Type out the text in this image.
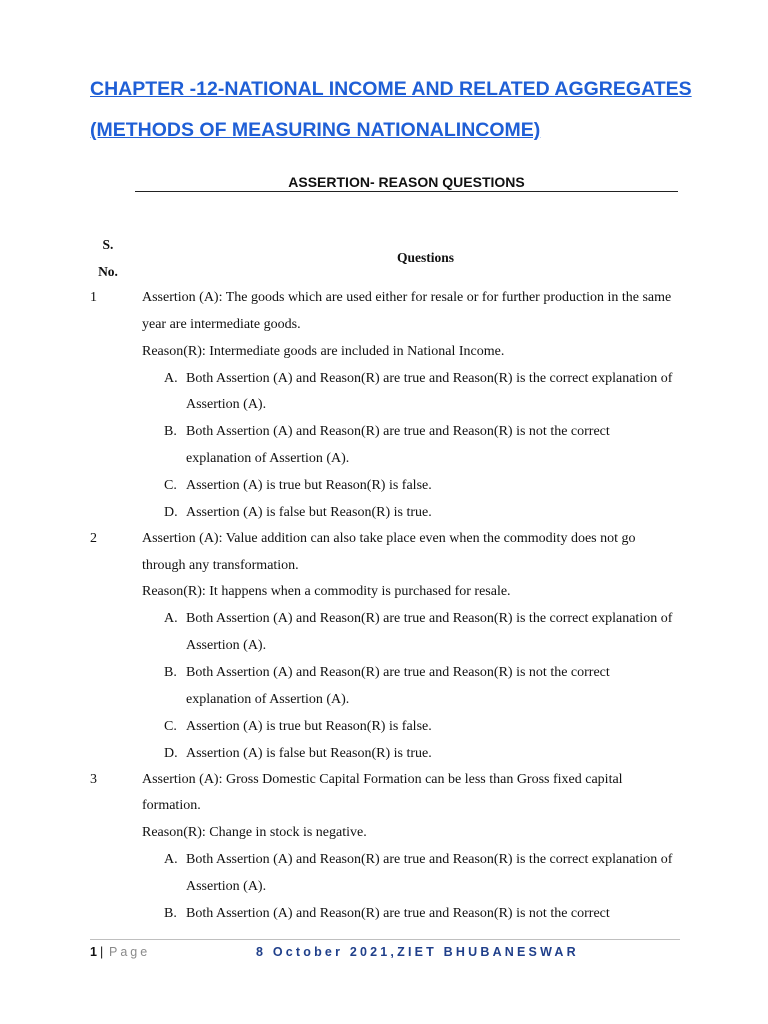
CHAPTER -12-NATIONAL INCOME AND RELATED AGGREGATES
(METHODS OF MEASURING NATIONALINCOME)
ASSERTION- REASON QUESTIONS
S.
No.
Questions
1	Assertion (A): The goods which are used either for resale or for further production in the same
year are intermediate goods.
Reason(R): Intermediate goods are included in National Income.
A. Both Assertion (A) and Reason(R) are true and Reason(R) is the correct explanation of
Assertion (A).
B. Both Assertion (A) and Reason(R) are true and Reason(R) is not the correct
explanation of Assertion (A).
C. Assertion (A) is true but Reason(R) is false.
D. Assertion (A) is false but Reason(R) is true.
2	Assertion (A): Value addition can also take place even when the commodity does not go
through any transformation.
Reason(R): It happens when a commodity is purchased for resale.
A. Both Assertion (A) and Reason(R) are true and Reason(R) is the correct explanation of
Assertion (A).
B. Both Assertion (A) and Reason(R) are true and Reason(R) is not the correct
explanation of Assertion (A).
C. Assertion (A) is true but Reason(R) is false.
D. Assertion (A) is false but Reason(R) is true.
3	Assertion (A): Gross Domestic Capital Formation can be less than Gross fixed capital
formation.
Reason(R): Change in stock is negative.
A. Both Assertion (A) and Reason(R) are true and Reason(R) is the correct explanation of
Assertion (A).
B. Both Assertion (A) and Reason(R) are true and Reason(R) is not the correct
1 | Page	8 October 2021,ZIET BHUBANESWAR
